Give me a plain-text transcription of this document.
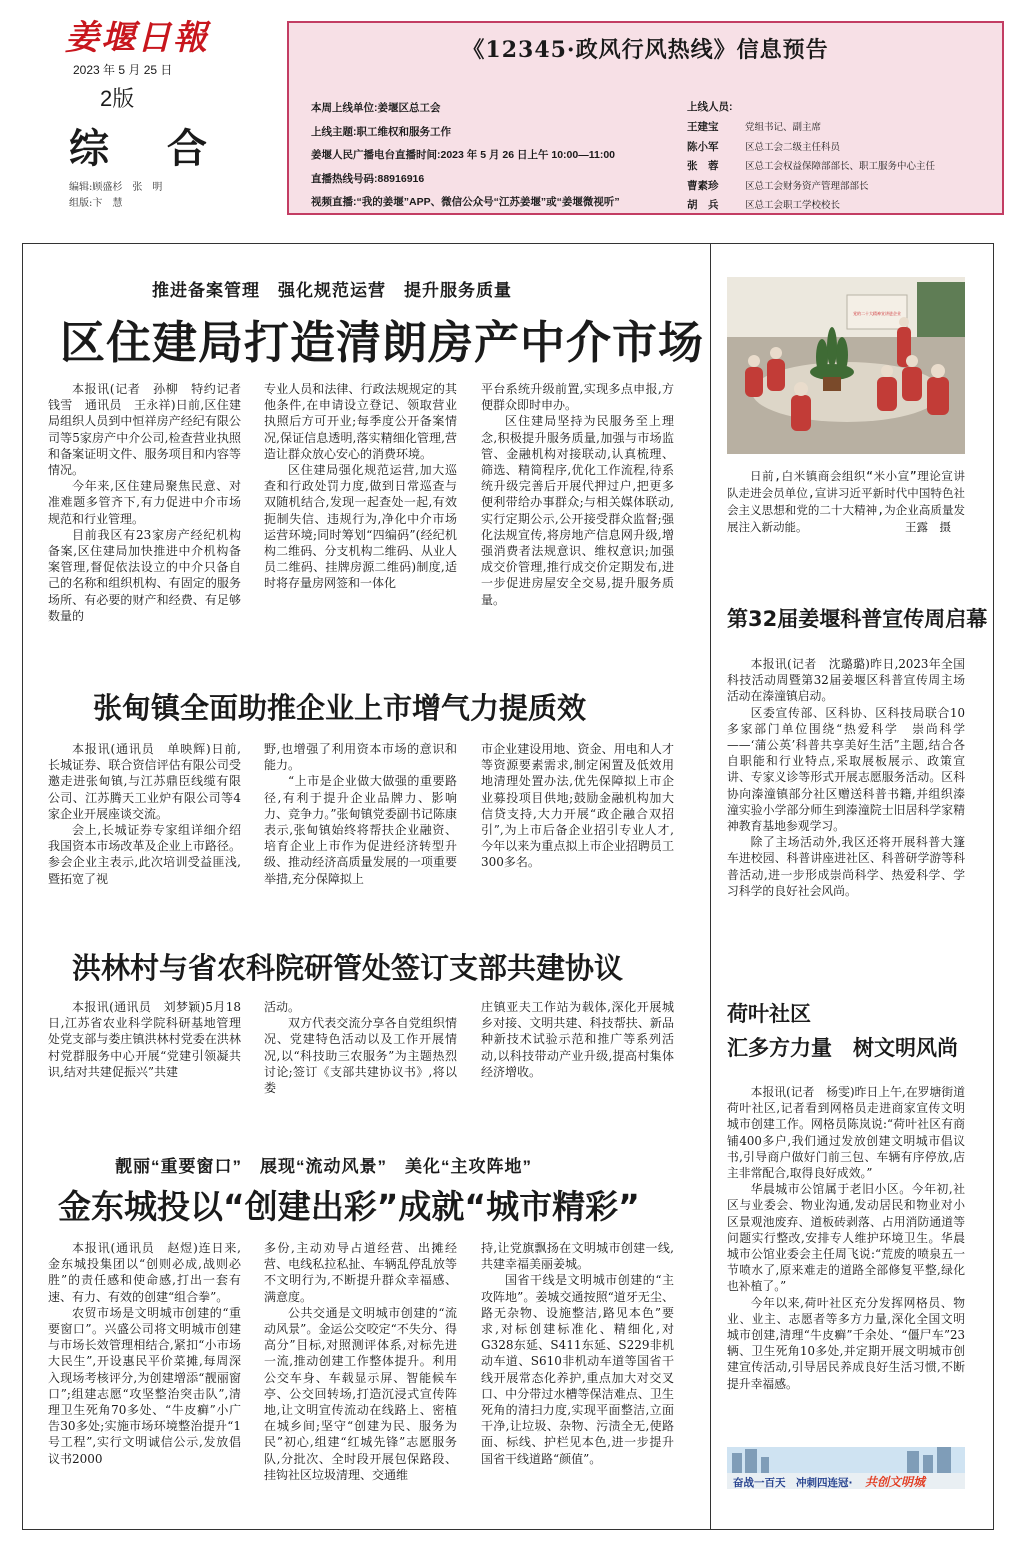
姜堰日報
2023 年 5 月 25 日
2版
综 合
编辑:顾盛杉　张　明
组版:卞　慧
《12345·政风行风热线》信息预告
本周上线单位:姜堰区总工会
上线主题:职工维权和服务工作
姜堰人民广播电台直播时间:2023 年 5 月 26 日上午 10:00—11:00
直播热线号码:88916916
视频直播:“我的姜堰”APP、微信公众号“江苏姜堰”或“姜堰微视听”
上线人员:
王建宝	党组书记、副主席
陈小军	区总工会二级主任科员
张　蓉	区总工会权益保障部部长、职工服务中心主任
曹素珍	区总工会财务资产管理部部长
胡　兵	区总工会职工学校校长
推进备案管理　强化规范运营　提升服务质量
区住建局打造清朗房产中介市场

本报讯(记者　孙柳　特约记者　钱雪　通讯员　王永祥)日前,区住建局组织人员到中恒祥房产经纪有限公司等5家房产中介公司,检查营业执照和备案证明文件、服务项目和内容等情况。

今年来,区住建局聚焦民意、对准难题多管齐下,有力促进中介市场规范和行业管理。

目前我区有23家房产经纪机构备案,区住建局加快推进中介机构备案管理,督促依法设立的中介只备自己的名称和组织机构、有固定的服务场所、有必要的财产和经费、有足够数量的

专业人员和法律、行政法规规定的其他条件,在申请设立登记、领取营业执照后方可开业;每季度公开备案情况,保证信息透明,落实精细化管理,营造让群众放心安心的消费环境。

区住建局强化规范运营,加大巡查和行政处罚力度,做到日常巡查与双随机结合,发现一起查处一起,有效扼制失信、违规行为,净化中介市场运营环境;同时筹划“四编码”(经纪机构二维码、分支机构二维码、从业人员二维码、挂牌房源二维码)制度,适时将存量房网签和一体化

平台系统升级前置,实现多点申报,方便群众即时申办。

区住建局坚持为民服务至上理念,积极提升服务质量,加强与市场监管、金融机构对接联动,认真梳理、筛选、精简程序,优化工作流程,待系统升级完善后开展代押过户,把更多便利带给办事群众;与相关媒体联动,实行定期公示,公开接受群众监督;强化法规宣传,将房地产信息网升级,增强消费者法规意识、维权意识;加强成交价管理,推行成交价定期发布,进一步促进房屋安全交易,提升服务质量。

张甸镇全面助推企业上市增气力提质效

本报讯(通讯员　单映辉)日前,长城证券、联合资信评估有限公司受邀走进张甸镇,与江苏鼎臣线缆有限公司、江苏腾天工业炉有限公司等4家企业开展座谈交流。

会上,长城证券专家组详细介绍我国资本市场改革及企业上市路径。参会企业主表示,此次培训受益匪浅,暨拓宽了视

野,也增强了利用资本市场的意识和能力。

“上市是企业做大做强的重要路径,有利于提升企业品牌力、影响力、竞争力。”张甸镇党委副书记陈康表示,张甸镇始终将帮扶企业融资、培育企业上市作为促进经济转型升级、推动经济高质量发展的一项重要举措,充分保障拟上

市企业建设用地、资金、用电和人才等资源要素需求,制定闲置及低效用地清理处置办法,优先保障拟上市企业募投项目供地;鼓励金融机构加大信贷支持,大力开展“政企融合双招引”,为上市后备企业招引专业人才,今年以来为重点拟上市企业招聘员工300多名。

洪林村与省农科院研管处签订支部共建协议

本报讯(通讯员　刘梦颖)5月18日,江苏省农业科学院科研基地管理处党支部与娄庄镇洪林村党委在洪林村党群服务中心开展“党建引领凝共识,结对共建促振兴”共建

活动。

双方代表交流分享各自党组织情况、党建特色活动以及工作开展情况,以“科技助三农服务”为主题热烈讨论;签订《支部共建协议书》,将以娄

庄镇亚夫工作站为载体,深化开展城乡对接、文明共建、科技帮扶、新品种新技术试验示范和推广等系列活动,以科技带动产业升级,提高村集体经济增收。

靓丽“重要窗口”　展现“流动风景”　美化“主攻阵地”
金东城投以“创建出彩”成就“城市精彩”

本报讯(通讯员　赵煜)连日来,金东城投集团以“创则必成,战则必胜”的责任感和使命感,打出一套有速、有力、有效的创建“组合拳”。

农贸市场是文明城市创建的“重要窗口”。兴盛公司将文明城市创建与市场长效管理相结合,紧扣“小市场大民生”,开设惠民平价菜摊,每周深入现场考核评分,为创建增添“靓丽窗口”;组建志愿“攻坚整治突击队”,清理卫生死角70多处、“牛皮癣”小广告30多处;实施市场环境整治提升“1号工程”,实行文明诚信公示,发放倡议书2000

多份,主动劝导占道经营、出摊经营、电线私拉私扯、车辆乱停乱放等不文明行为,不断提升群众幸福感、满意度。

公共交通是文明城市创建的“流动风景”。金运公交咬定“不失分、得高分”目标,对照测评体系,对标先进一流,推动创建工作整体提升。利用公交车身、车载显示屏、智能候车亭、公交回转场,打造沉浸式宣传阵地,让文明宣传流动在线路上、密植在城乡间;坚守“创建为民、服务为民”初心,组建“红城先锋”志愿服务队,分批次、全时段开展包保路段、挂钩社区垃圾清理、交通维

持,让党旗飘扬在文明城市创建一线,共建幸福美丽姜城。

国省干线是文明城市创建的“主攻阵地”。姜城交通按照“道牙无尘、路无杂物、设施整洁,路见本色”要求,对标创建标准化、精细化,对G328东延、S411东延、S229非机动车道、S610非机动车道等国省干线开展常态化养护,重点加大对交叉口、中分带过水槽等保洁难点、卫生死角的清扫力度,实现平面整洁,立面干净,让垃圾、杂物、污渍全无,使路面、标线、护栏见本色,进一步提升国省干线道路“颜值”。

党的二十大精神宣讲进企业
日前,白米镇商会组织“米小宣”理论宣讲队走进会员单位,宣讲习近平新时代中国特色社会主义思想和党的二十大精神,为企业高质量发展注入新动能。	王露　摄
第32届姜堰科普宣传周启幕

本报讯(记者　沈璐璐)昨日,2023年全国科技活动周暨第32届姜堰区科普宣传周主场活动在溱潼镇启动。

区委宣传部、区科协、区科技局联合10多家部门单位围绕“热爱科学　崇尚科学——‘蒲公英’科普共享美好生活”主题,结合各自职能和行业特点,采取展板展示、政策宣讲、专家义诊等形式开展志愿服务活动。区科协向溱潼镇部分社区赠送科普书籍,并组织溱潼实验小学部分师生到溱潼院士旧居科学家精神教育基地参观学习。

除了主场活动外,我区还将开展科普大篷车进校园、科普讲座进社区、科普研学游等科普活动,进一步形成崇尚科学、热爱科学、学习科学的良好社会风尚。

荷叶社区
汇多方力量　树文明风尚

本报讯(记者　杨雯)昨日上午,在罗塘街道荷叶社区,记者看到网格员走进商家宣传文明城市创建工作。网格员陈岚说:“荷叶社区有商铺400多户,我们通过发放创建文明城市倡议书,引导商户做好门前三包、车辆有序停放,店主非常配合,取得良好成效。”

华晨城市公馆属于老旧小区。今年初,社区与业委会、物业沟通,发动居民和物业对小区景观池废弃、道板砖剥落、占用消防通道等问题实行整改,安排专人维护环境卫生。华晨城市公馆业委会主任周飞说:“荒废的喷泉五一节喷水了,原来难走的道路全部修复平整,绿化也补植了。”

今年以来,荷叶社区充分发挥网格员、物业、业主、志愿者等多方力量,深化全国文明城市创建,清理“牛皮癣”千余处、“僵尸车”23辆、卫生死角10多处,并定期开展文明城市创建宣传活动,引导居民养成良好生活习惯,不断提升幸福感。

奋战一百天　冲刺四连冠· 共创文明城
